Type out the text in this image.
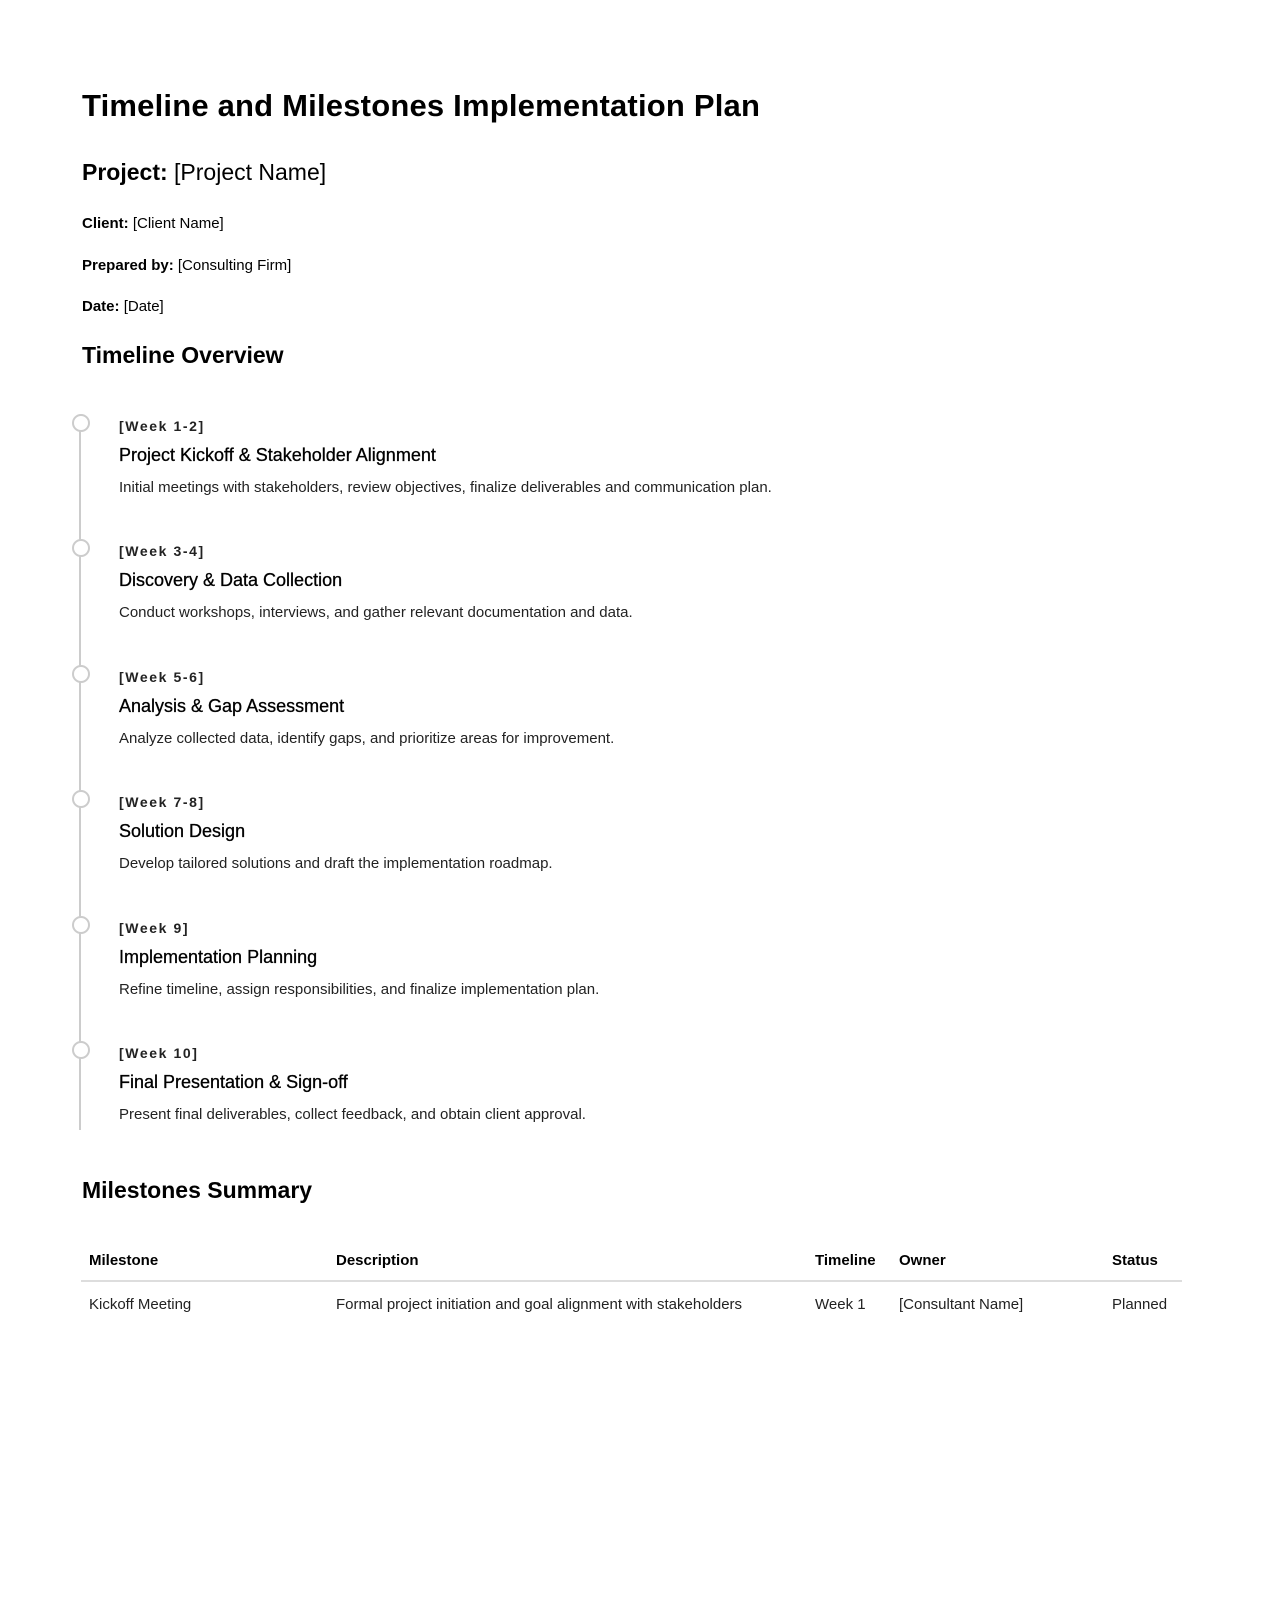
Timeline and Milestones Implementation Plan
Project: [Project Name]

Client: [Client Name]

Prepared by: [Consulting Firm]

Date: [Date]

Timeline Overview
[Week 1-2]
Project Kickoff & Stakeholder Alignment

Initial meetings with stakeholders, review objectives, finalize deliverables and communication plan.

[Week 3-4]
Discovery & Data Collection

Conduct workshops, interviews, and gather relevant documentation and data.

[Week 5-6]
Analysis & Gap Assessment

Analyze collected data, identify gaps, and prioritize areas for improvement.

[Week 7-8]
Solution Design

Develop tailored solutions and draft the implementation roadmap.

[Week 9]
Implementation Planning

Refine timeline, assign responsibilities, and finalize implementation plan.

[Week 10]
Final Presentation & Sign-off

Present final deliverables, collect feedback, and obtain client approval.

Milestones Summary
Milestone	Description	Timeline	Owner	Status
Kickoff Meeting	Formal project initiation and goal alignment with stakeholders	Week 1	[Consultant Name]	Planned
